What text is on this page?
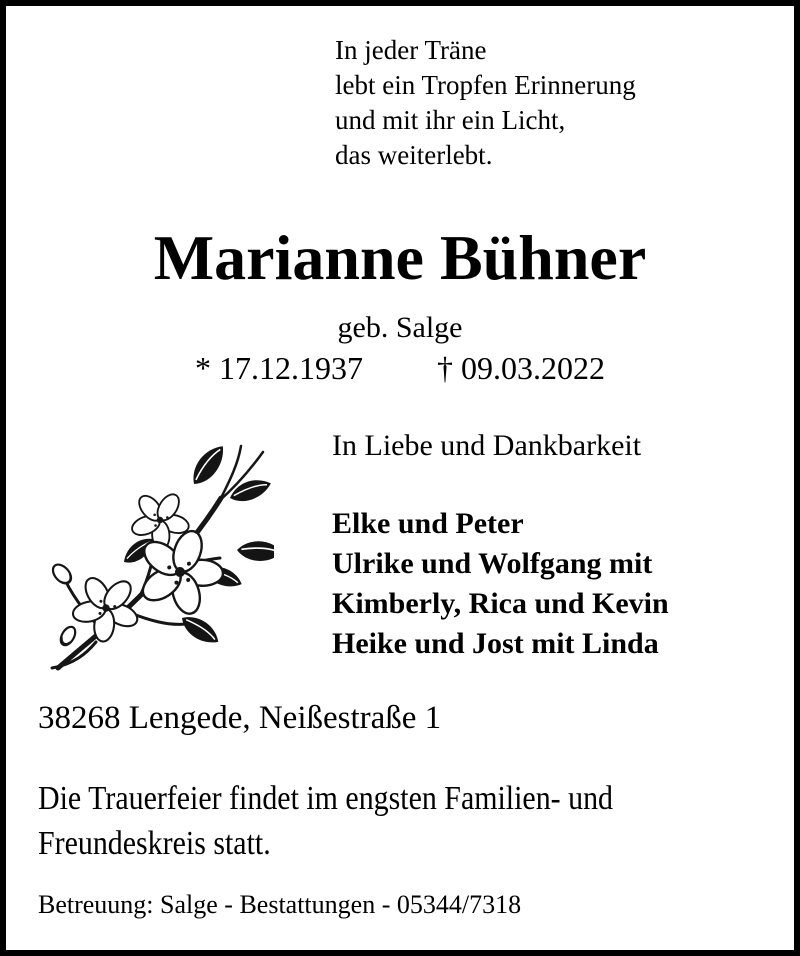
In jeder Träne
lebt ein Tropfen Erinnerung
und mit ihr ein Licht,
das weiterlebt.
Marianne Bühner
geb. Salge
* 17.12.1937 † 09.03.2022
In Liebe und Dankbarkeit
Elke und Peter
Ulrike und Wolfgang mit
Kimberly, Rica und Kevin
Heike und Jost mit Linda
38268 Lengede, Neißestraße 1
Die Trauerfeier findet im engsten Familien- und
Freundeskreis statt.
Betreuung: Salge - Bestattungen - 05344/7318
